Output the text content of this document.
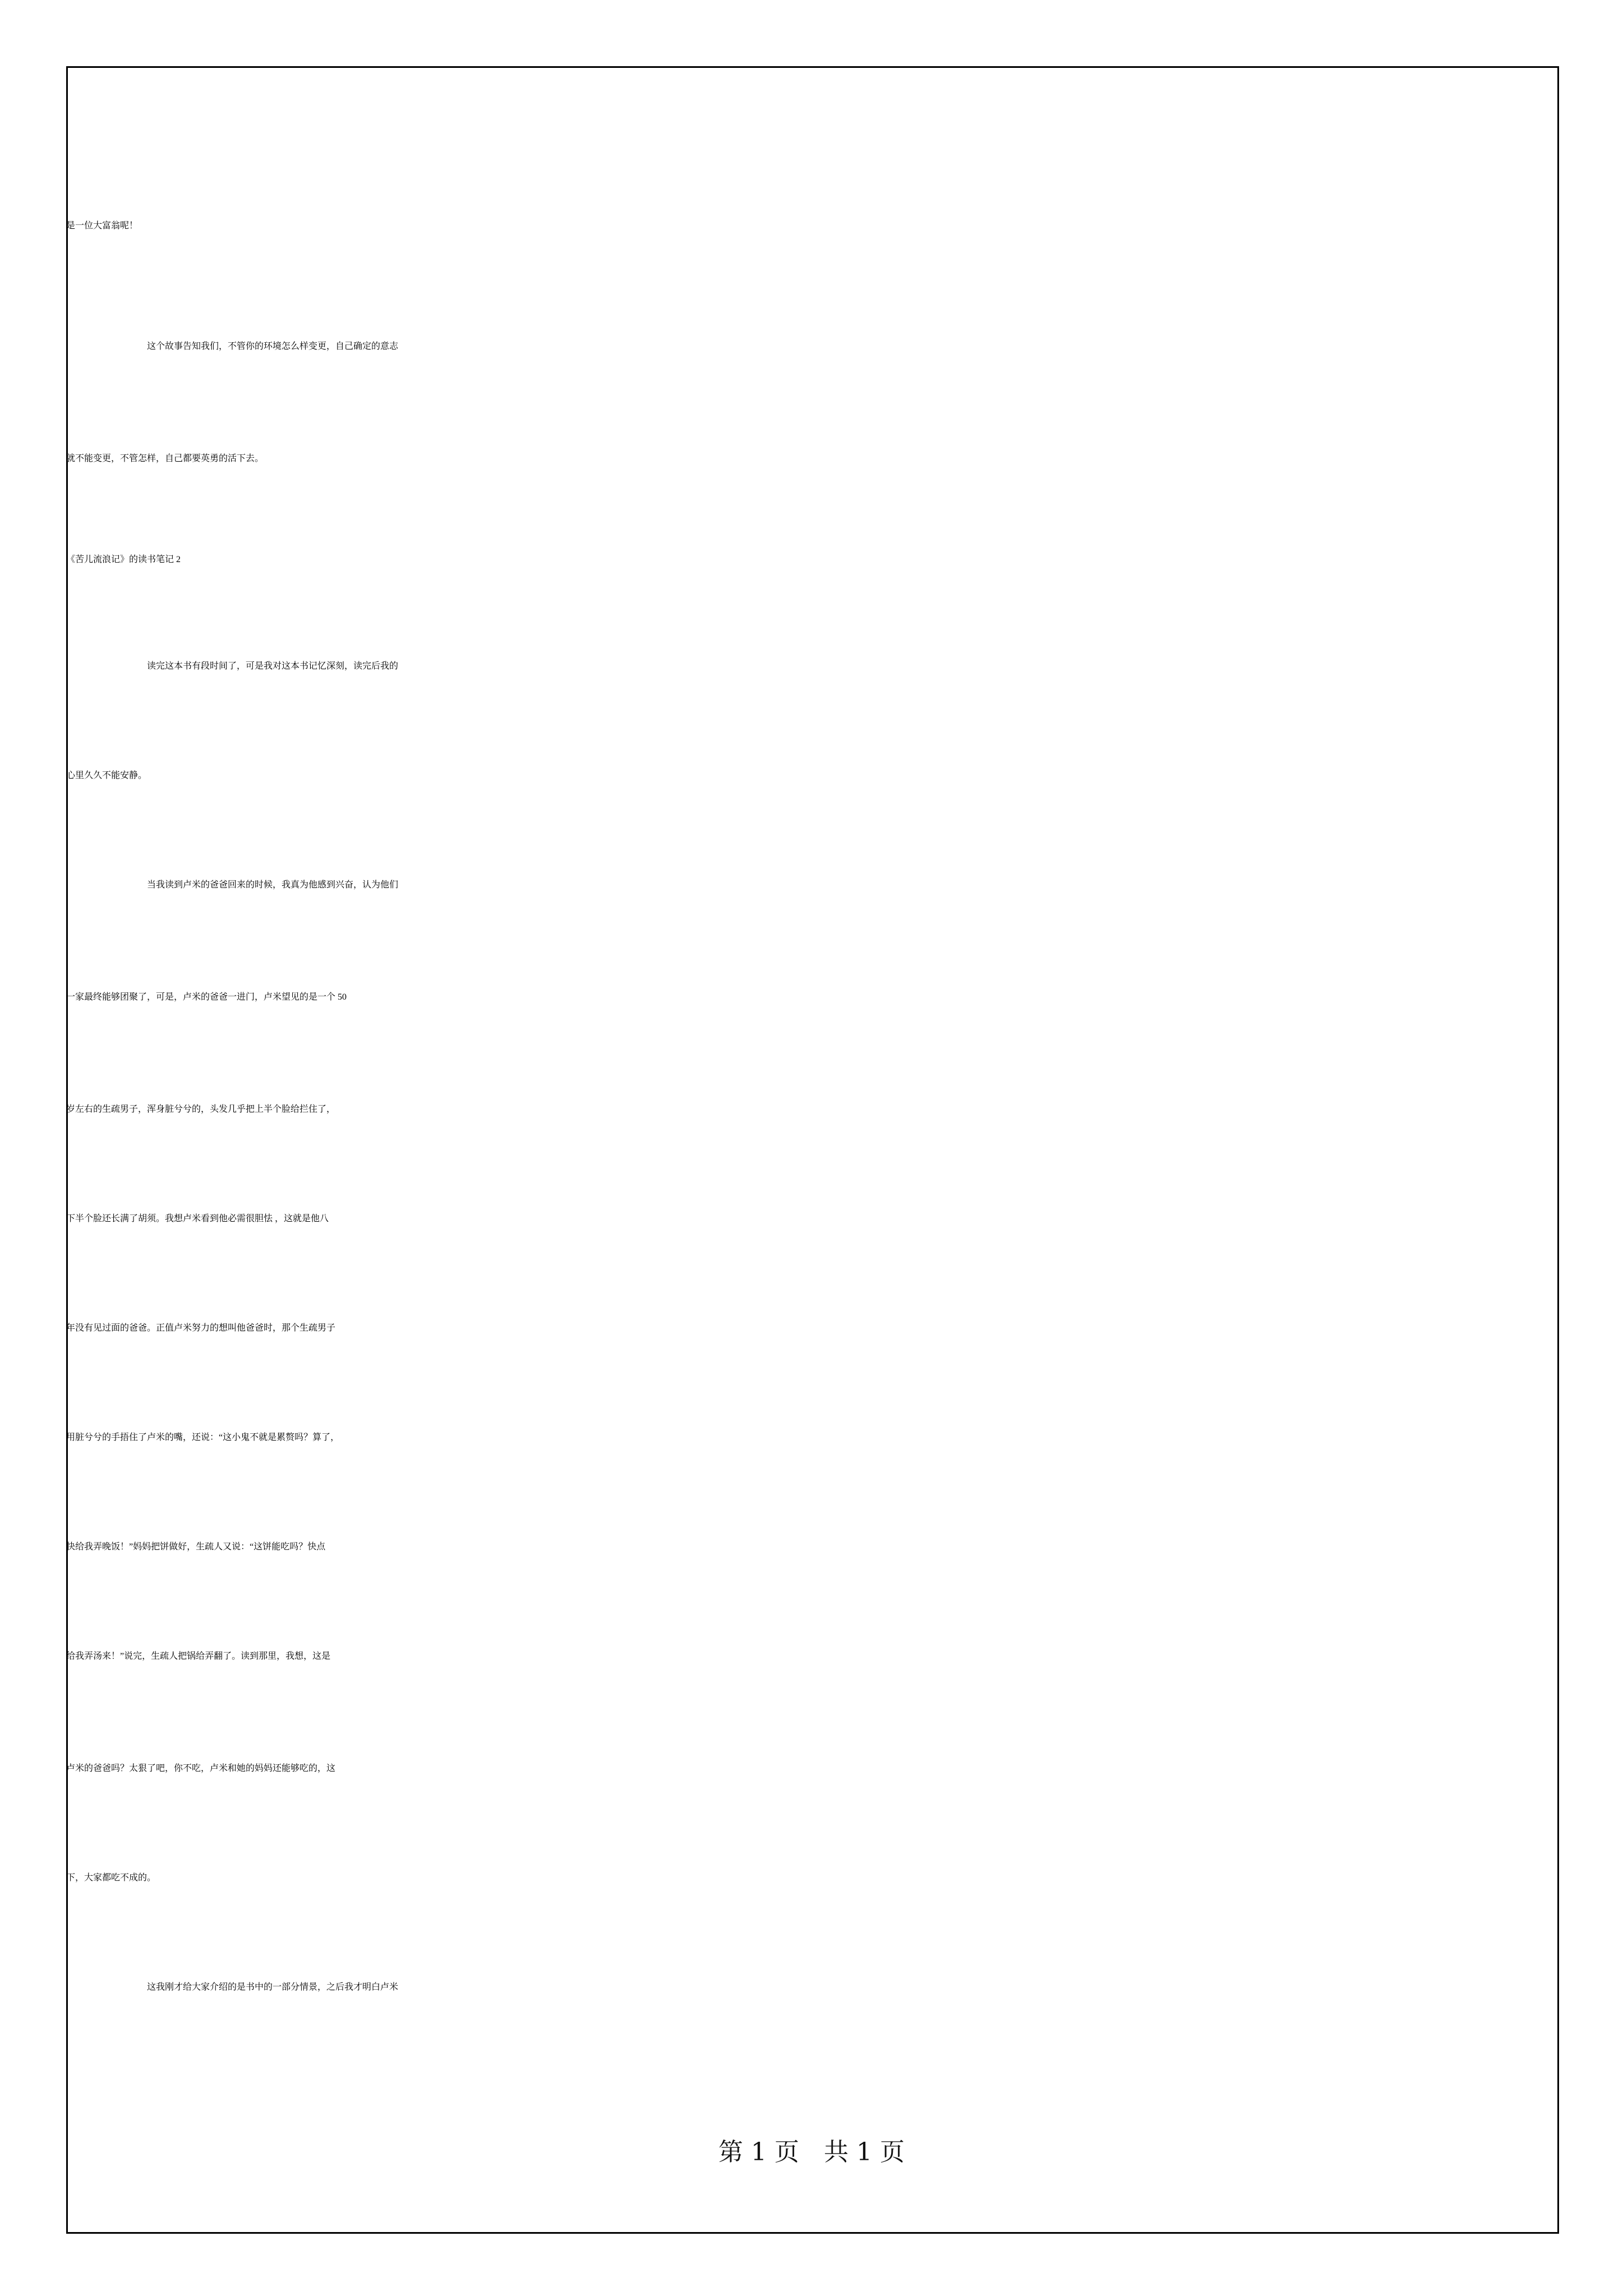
是一位大富翁呢！
这个故事告知我们，不管你的环境怎么样变更，自己确定的意志
就不能变更，不管怎样，自己都要英勇的活下去。
《苦儿流浪记》的读书笔记 2
读完这本书有段时间了，可是我对这本书记忆深刻，读完后我的
心里久久不能安静。
当我读到卢米的爸爸回来的时候，我真为他感到兴奋，认为他们
一家最终能够团聚了，可是，卢米的爸爸一进门，卢米望见的是一个 50
岁左右的生疏男子，浑身脏兮兮的，头发几乎把上半个脸给拦住了，
下半个脸还长满了胡须。我想卢米看到他必需很胆怯 ，这就是他八
年没有见过面的爸爸。正值卢米努力的想叫他爸爸时，那个生疏男子
用脏兮兮的手捂住了卢米的嘴，还说：“这小鬼不就是累赘吗？算了，
快给我弄晚饭！”妈妈把饼做好，生疏人又说：“这饼能吃吗？快点
给我弄汤来！”说完，生疏人把锅给弄翻了。读到那里，我想，这是
卢米的爸爸吗？太狠了吧，你不吃，卢米和她的妈妈还能够吃的，这
下，大家都吃不成的。
这我刚才给大家介绍的是书中的一部分情景，之后我才明白卢米
第 1 页　共 1 页
